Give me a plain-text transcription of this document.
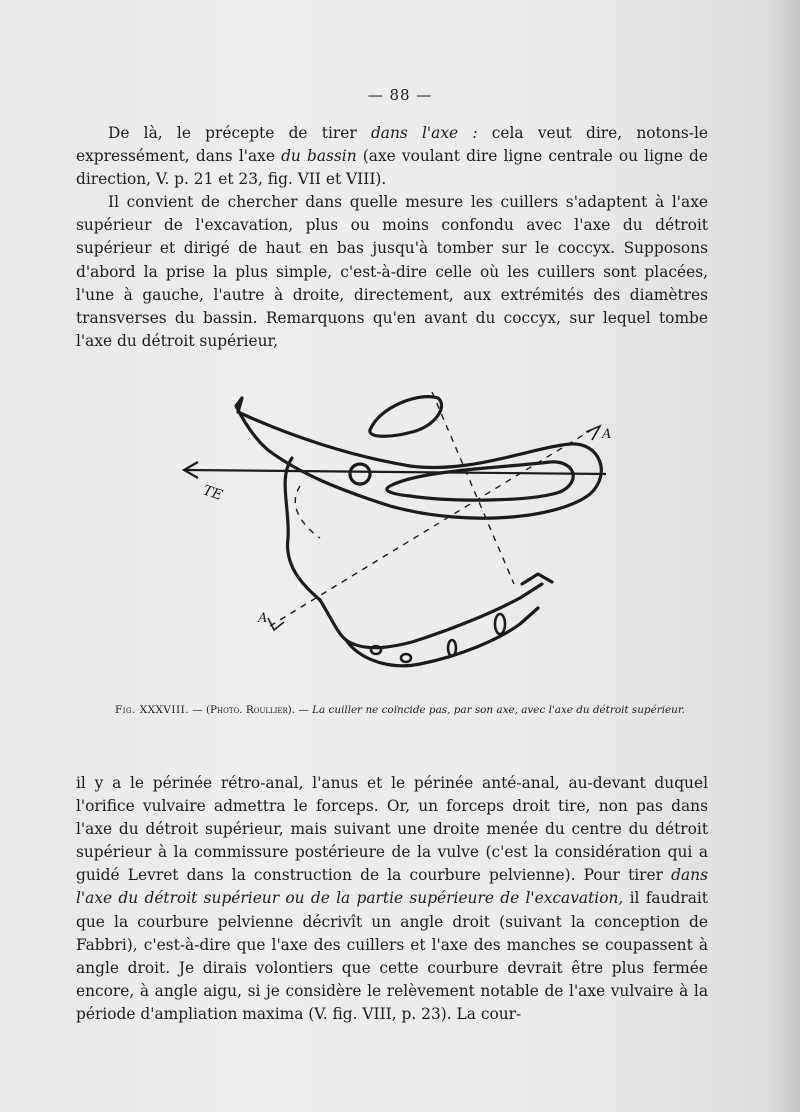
— 88 —

De là, le précepte de tirer dans l'axe : cela veut dire, notons-le expressément, dans l'axe du bassin (axe voulant dire ligne centrale ou ligne de direction, V. p. 21 et 23, fig. VII et VIII).

Il convient de chercher dans quelle mesure les cuillers s'adaptent à l'axe supérieur de l'excavation, plus ou moins confondu avec l'axe du détroit supérieur et dirigé de haut en bas jusqu'à tomber sur le coccyx. Supposons d'abord la prise la plus simple, c'est-à-dire celle où les cuillers sont placées, l'une à gauche, l'autre à droite, directement, aux extrémités des diamètres transverses du bassin. Remarquons qu'en avant du coccyx, sur lequel tombe l'axe du détroit supérieur,

TE
A
A
Fig. XXXVIII. — (Photo. Roullier). — La cuiller ne coïncide pas, par son axe, avec l'axe du détroit supérieur.

il y a le périnée rétro-anal, l'anus et le périnée anté-anal, au-devant duquel l'orifice vulvaire admettra le forceps. Or, un forceps droit tire, non pas dans l'axe du détroit supérieur, mais suivant une droite menée du centre du détroit supérieur à la commissure postérieure de la vulve (c'est la considération qui a guidé Levret dans la construction de la courbure pelvienne). Pour tirer dans l'axe du détroit supérieur ou de la partie supérieure de l'excavation, il faudrait que la courbure pelvienne décrivît un angle droit (suivant la conception de Fabbri), c'est-à-dire que l'axe des cuillers et l'axe des manches se coupassent à angle droit. Je dirais volontiers que cette courbure devrait être plus fermée encore, à angle aigu, si je considère le relèvement notable de l'axe vulvaire à la période d'ampliation maxima (V. fig. VIII, p. 23). La cour-
